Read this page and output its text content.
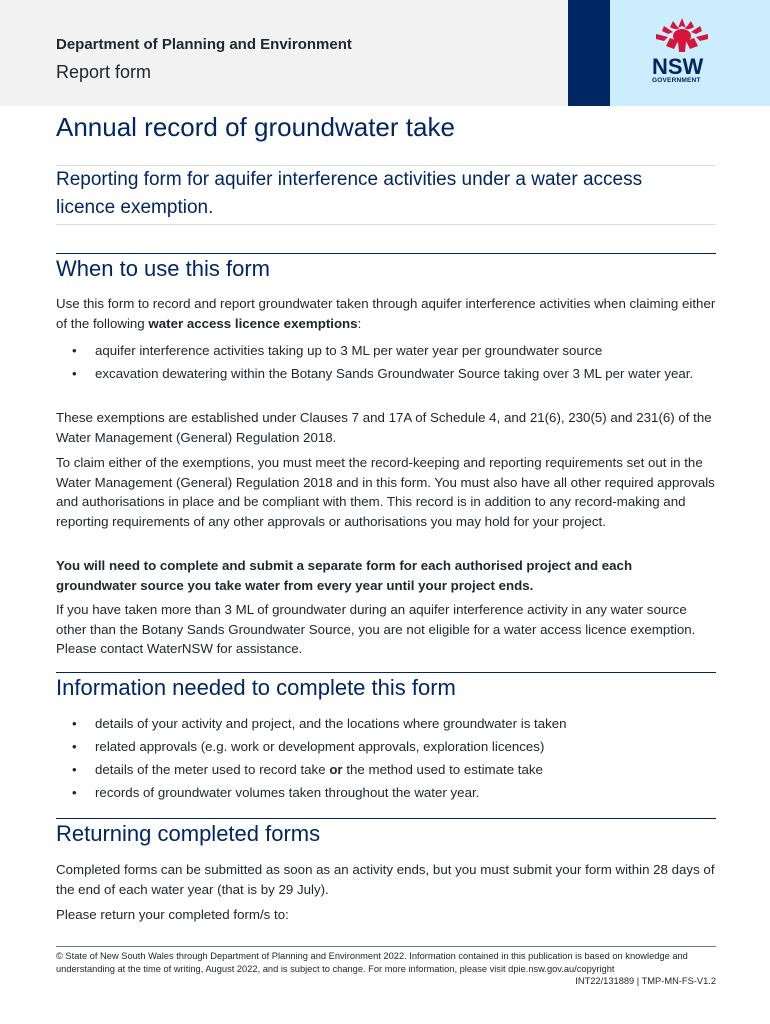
Department of Planning and Environment
Report form	NSW
GOVERNMENT
Annual record of groundwater take
Reporting form for aquifer interference activities under a water access licence exemption.
When to use this form

Use this form to record and report groundwater taken through aquifer interference activities when claiming either of the following water access licence exemptions:

• aquifer interference activities taking up to 3 ML per water year per groundwater source
• excavation dewatering within the Botany Sands Groundwater Source taking over 3 ML per water year.

These exemptions are established under Clauses 7 and 17A of Schedule 4, and 21(6), 230(5) and 231(6) of the Water Management (General) Regulation 2018.

To claim either of the exemptions, you must meet the record-keeping and reporting requirements set out in the Water Management (General) Regulation 2018 and in this form. You must also have all other required approvals and authorisations in place and be compliant with them. This record is in addition to any record-making and reporting requirements of any other approvals or authorisations you may hold for your project.

You will need to complete and submit a separate form for each authorised project and each groundwater source you take water from every year until your project ends.

If you have taken more than 3 ML of groundwater during an aquifer interference activity in any water source other than the Botany Sands Groundwater Source, you are not eligible for a water access licence exemption. Please contact WaterNSW for assistance.

Information needed to complete this form
• details of your activity and project, and the locations where groundwater is taken
• related approvals (e.g. work or development approvals, exploration licences)
• details of the meter used to record take or the method used to estimate take
• records of groundwater volumes taken throughout the water year.
Returning completed forms

Completed forms can be submitted as soon as an activity ends, but you must submit your form within 28 days of the end of each water year (that is by 29 July).

Please return your completed form/s to:

© State of New South Wales through Department of Planning and Environment 2022. Information contained in this publication is based on knowledge and understanding at the time of writing, August 2022, and is subject to change. For more information, please visit dpie.nsw.gov.au/copyright
INT22/131889 | TMP-MN-FS-V1.2
